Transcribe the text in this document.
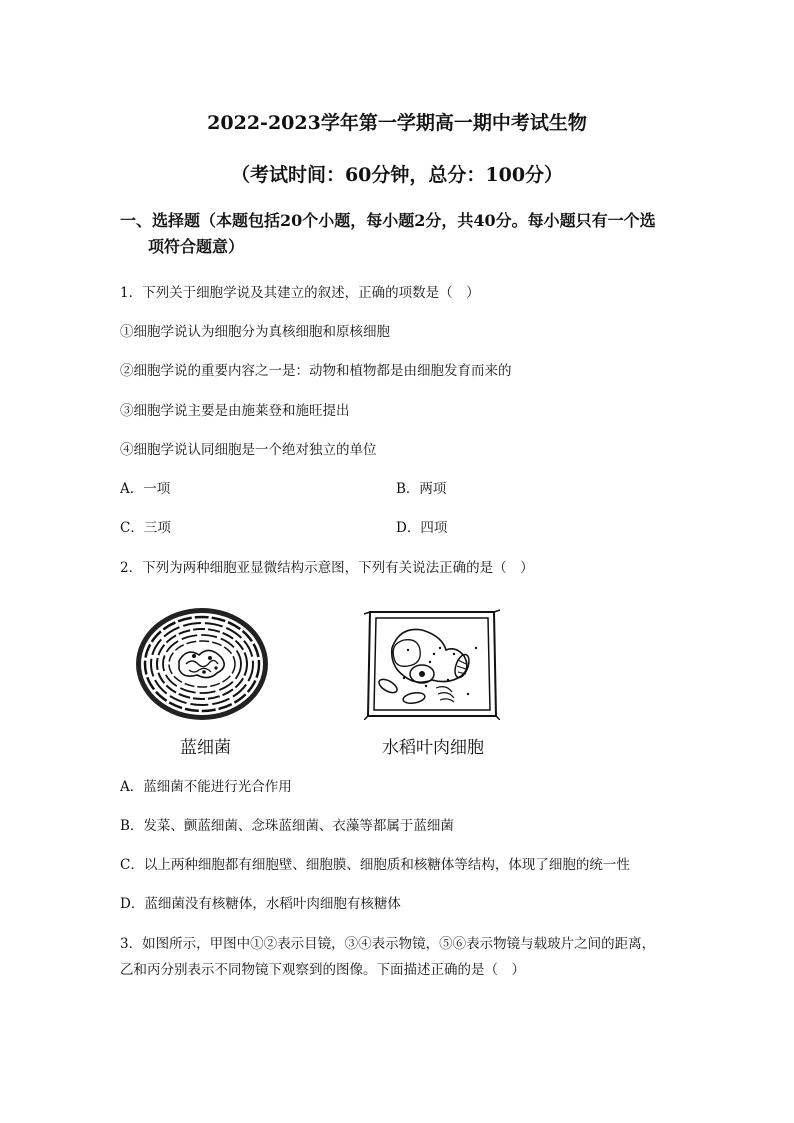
2022-2023学年第一学期高一期中考试生物
（考试时间：60分钟，总分：100分）
一、选择题（本题包括20个小题，每小题2分，共40分。每小题只有一个选
项符合题意）
1．下列关于细胞学说及其建立的叙述，正确的项数是（　）
①细胞学说认为细胞分为真核细胞和原核细胞
②细胞学说的重要内容之一是：动物和植物都是由细胞发育而来的
③细胞学说主要是由施莱登和施旺提出
④细胞学说认同细胞是一个绝对独立的单位
A．一项	B．两项
C．三项	D．四项
2．下列为两种细胞亚显微结构示意图，下列有关说法正确的是（　）
蓝细菌	水稻叶肉细胞
A．蓝细菌不能进行光合作用
B．发菜、颤蓝细菌、念珠蓝细菌、衣藻等都属于蓝细菌
C．以上两种细胞都有细胞壁、细胞膜、细胞质和核糖体等结构，体现了细胞的统一性
D．蓝细菌没有核糖体，水稻叶肉细胞有核糖体
3．如图所示，甲图中①②表示目镜，③④表示物镜，⑤⑥表示物镜与载玻片之间的距离，
乙和丙分别表示不同物镜下观察到的图像。下面描述正确的是（　）
